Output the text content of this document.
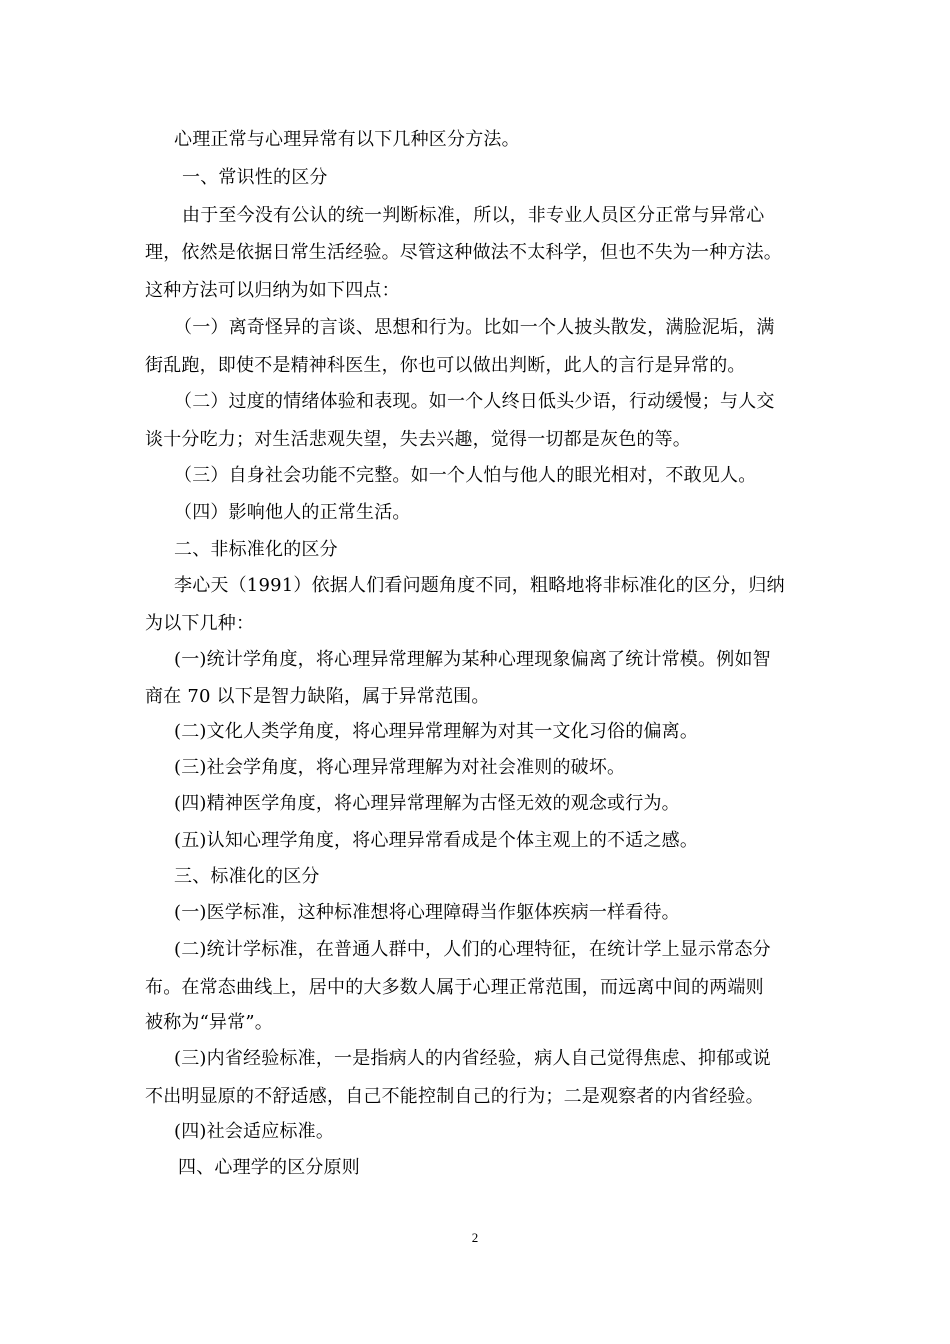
心理正常与心理异常有以下几种区分方法。
一、常识性的区分
由于至今没有公认的统一判断标准，所以，非专业人员区分正常与异常心
理，依然是依据日常生活经验。尽管这种做法不太科学，但也不失为一种方法。
这种方法可以归纳为如下四点：
（一）离奇怪异的言谈、思想和行为。比如一个人披头散发，满脸泥垢，满
街乱跑，即使不是精神科医生，你也可以做出判断，此人的言行是异常的。
（二）过度的情绪体验和表现。如一个人终日低头少语，行动缓慢；与人交
谈十分吃力；对生活悲观失望，失去兴趣，觉得一切都是灰色的等。
（三）自身社会功能不完整。如一个人怕与他人的眼光相对，不敢见人。
（四）影响他人的正常生活。
二、非标准化的区分
李心天（1991）依据人们看问题角度不同，粗略地将非标准化的区分，归纳
为以下几种：
(一)统计学角度，将心理异常理解为某种心理现象偏离了统计常模。例如智
商在 70 以下是智力缺陷，属于异常范围。
(二)文化人类学角度，将心理异常理解为对其一文化习俗的偏离。
(三)社会学角度，将心理异常理解为对社会准则的破坏。
(四)精神医学角度，将心理异常理解为古怪无效的观念或行为。
(五)认知心理学角度，将心理异常看成是个体主观上的不适之感。
三、标准化的区分
(一)医学标准，这种标准想将心理障碍当作躯体疾病一样看待。
(二)统计学标准，在普通人群中，人们的心理特征，在统计学上显示常态分
布。在常态曲线上，居中的大多数人属于心理正常范围，而远离中间的两端则
被称为“异常”。
(三)内省经验标准，一是指病人的内省经验，病人自己觉得焦虑、抑郁或说
不出明显原的不舒适感，自己不能控制自己的行为；二是观察者的内省经验。
(四)社会适应标准。
四、心理学的区分原则
2
